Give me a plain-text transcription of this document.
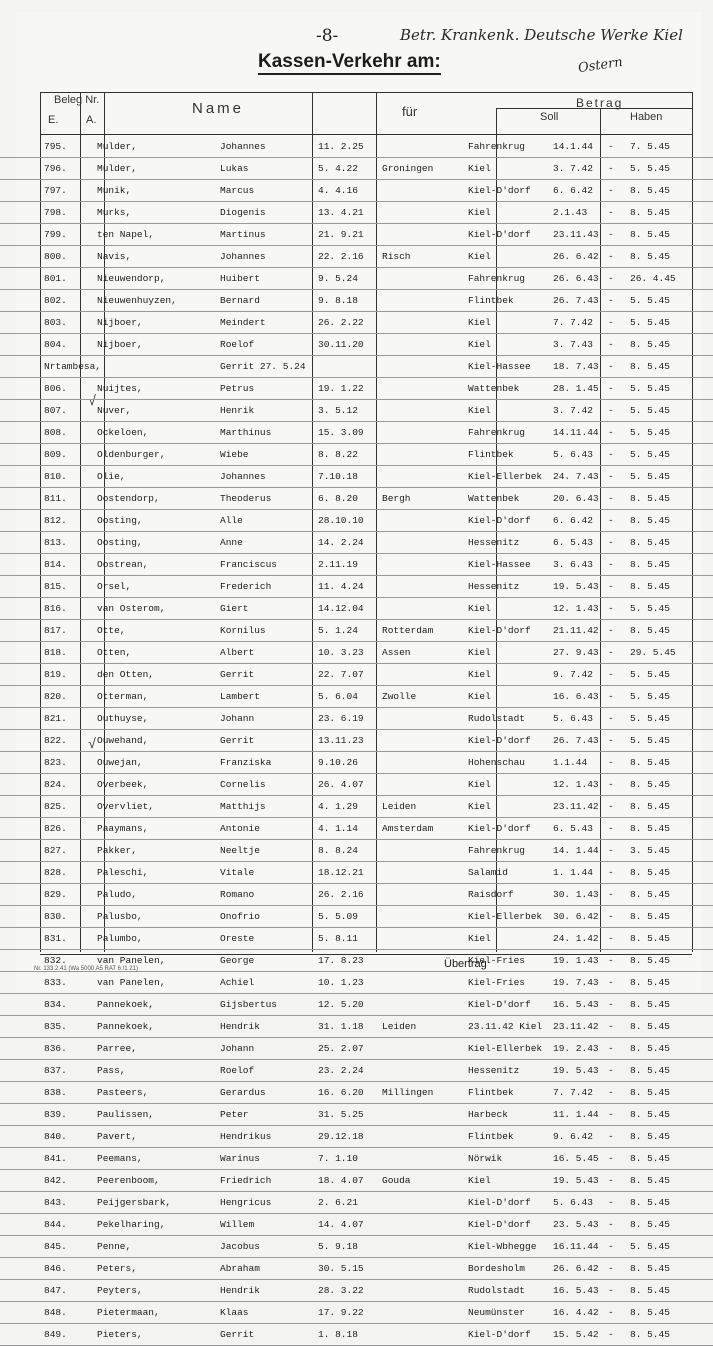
-8-	Betr. Krankenk. Deutsche Werke Kiel
Ostern
Kassen-Verkehr am:
Beleg Nr.
E.	A.
Name	für
Betrag
Soll	Haben
√
√
795.	Mulder,	Johannes	11. 2.25	Fahrenkrug	14.1.44 - 7. 5.45
796.	Mulder,	Lukas	5. 4.22	Groningen	Kiel	3. 7.42 - 5. 5.45
797.	Munik,	Marcus	4. 4.16	Kiel-D'dorf 6. 6.42 - 8. 5.45
798.	Murks,	Diogenis	13. 4.21	Kiel	2.1.43 - 8. 5.45
799.	ten Napel,	Martinus	21. 9.21	Kiel-D'dorf 23.11.43 - 8. 5.45
800.	Navis,	Johannes	22. 2.16 Risch	Kiel	26. 6.42 - 8. 5.45
801.	Nieuwendorp,	Huibert	9. 5.24	Fahrenkrug	26. 6.43 - 26. 4.45
802.	Nieuwenhuyzen,	Bernard	9. 8.18	Flintbek	26. 7.43 - 5. 5.45
803.	Nijboer,	Meindert	26. 2.22	Kiel	7. 7.42 - 5. 5.45
804.	Nijboer,	Roelof	30.11.20	Kiel	3. 7.43 - 8. 5.45
Nrtambesa,	Gerrit 27. 5.24	Kiel-Hassee 18. 7.43 - 8. 5.45
806.	Nuijtes,	Petrus	19. 1.22	Wattenbek	28. 1.45 - 5. 5.45
807.	Nuver,	Henrik	3. 5.12	Kiel	3. 7.42 - 5. 5.45
808.	Ockeloen,	Marthinus	15. 3.09	Fahrenkrug	14.11.44 - 5. 5.45
809.	Oldenburger,	Wiebe	8. 8.22	Flintbek	5. 6.43 - 5. 5.45
810.	Olie,	Johannes	7.10.18	Kiel-Ellerbek 24. 7.43 - 5. 5.45
811.	Oostendorp,	Theoderus	6. 8.20	Bergh	Wattenbek	20. 6.43 - 8. 5.45
812.	Oosting,	Alle	28.10.10	Kiel-D'dorf 6. 6.42 - 8. 5.45
813.	Oosting,	Anne	14. 2.24	Hessenitz	6. 5.43 - 8. 5.45
814.	Oostrean,	Franciscus	2.11.19	Kiel-Hassee 3. 6.43 - 8. 5.45
815.	Orsel,	Frederich	11. 4.24	Hessenitz	19. 5.43 - 8. 5.45
816.	van Osterom,	Giert	14.12.04	Kiel	12. 1.43 - 5. 5.45
817.	Otte,	Kornilus	5. 1.24	Rotterdam	Kiel-D'dorf 21.11.42 - 8. 5.45
818.	Otten,	Albert	10. 3.23 Assen	Kiel	27. 9.43 - 29. 5.45
819.	den Otten,	Gerrit	22. 7.07	Kiel	9. 7.42 - 5. 5.45
820.	Otterman,	Lambert	5. 6.04	Zwolle	Kiel	16. 6.43 - 5. 5.45
821.	Outhuyse,	Johann	23. 6.19	Rudolstadt	5. 6.43 - 5. 5.45
822.	Ouwehand,	Gerrit	13.11.23	Kiel-D'dorf 26. 7.43 - 5. 5.45
823.	Ouwejan,	Franziska	9.10.26	Hohenschau	1.1.44 - 8. 5.45
824.	Overbeek,	Cornelis	26. 4.07	Kiel	12. 1.43 - 8. 5.45
825.	Overvliet,	Matthijs	4. 1.29	Leiden	Kiel	23.11.42 - 8. 5.45
826.	Paaymans,	Antonie	4. 1.14	Amsterdam	Kiel-D'dorf 6. 5.43 - 8. 5.45
827.	Pakker,	Neeltje	8. 8.24	Fahrenkrug	14. 1.44 - 3. 5.45
828.	Paleschi,	Vitale	18.12.21	Salamid	1. 1.44 - 8. 5.45
829.	Paludo,	Romano	26. 2.16	Raisdorf	30. 1.43 - 8. 5.45
830.	Palusbo,	Onofrio	5. 5.09	Kiel-Ellerbek 30. 6.42 - 8. 5.45
831.	Palumbo,	Oreste	5. 8.11	Kiel	24. 1.42 - 8. 5.45
832.	van Panelen,	George	17. 8.23	Kiel-Fries	19. 1.43 - 8. 5.45
833.	van Panelen,	Achiel	10. 1.23	Kiel-Fries	19. 7.43 - 8. 5.45
834.	Pannekoek,	Gijsbertus	12. 5.20	Kiel-D'dorf 16. 5.43 - 8. 5.45
835.	Pannekoek,	Hendrik	31. 1.18 Leiden	23.11.42 Kiel 23.11.42 - 8. 5.45
836.	Parree,	Johann	25. 2.07	Kiel-Ellerbek 19. 2.43 - 8. 5.45
837.	Pass,	Roelof	23. 2.24	Hessenitz	19. 5.43 - 8. 5.45
838.	Pasteers,	Gerardus	16. 6.20 Millingen	Flintbek	7. 7.42 - 8. 5.45
839.	Paulissen,	Peter	31. 5.25	Harbeck	11. 1.44 - 8. 5.45
840.	Pavert,	Hendrikus	29.12.18	Flintbek	9. 6.42 - 8. 5.45
841.	Peemans,	Warinus	7. 1.10	Nörwik	16. 5.45 - 8. 5.45
842.	Peerenboom,	Friedrich	18. 4.07 Gouda	Kiel	19. 5.43 - 8. 5.45
843.	Peijgersbark,	Hengricus	2. 6.21	Kiel-D'dorf 5. 6.43 - 8. 5.45
844.	Pekelharing,	Willem	14. 4.07	Kiel-D'dorf 23. 5.43 - 8. 5.45
845.	Penne,	Jacobus	5. 9.18	Kiel-Wbhegge 16.11.44 - 5. 5.45
846.	Peters,	Abraham	30. 5.15	Bordesholm	26. 6.42 - 8. 5.45
847.	Peyters,	Hendrik	28. 3.22	Rudolstadt	16. 5.43 - 8. 5.45
848.	Pietermaan,	Klaas	17. 9.22	Neumünster	16. 4.42 - 8. 5.45
849.	Pieters,	Gerrit	1. 8.18	Kiel-D'dorf 15. 5.42 - 8. 5.45
Übertrag
Nr. 133 2.41 (Wa 5000 A5 RAT 6 /1 21)
